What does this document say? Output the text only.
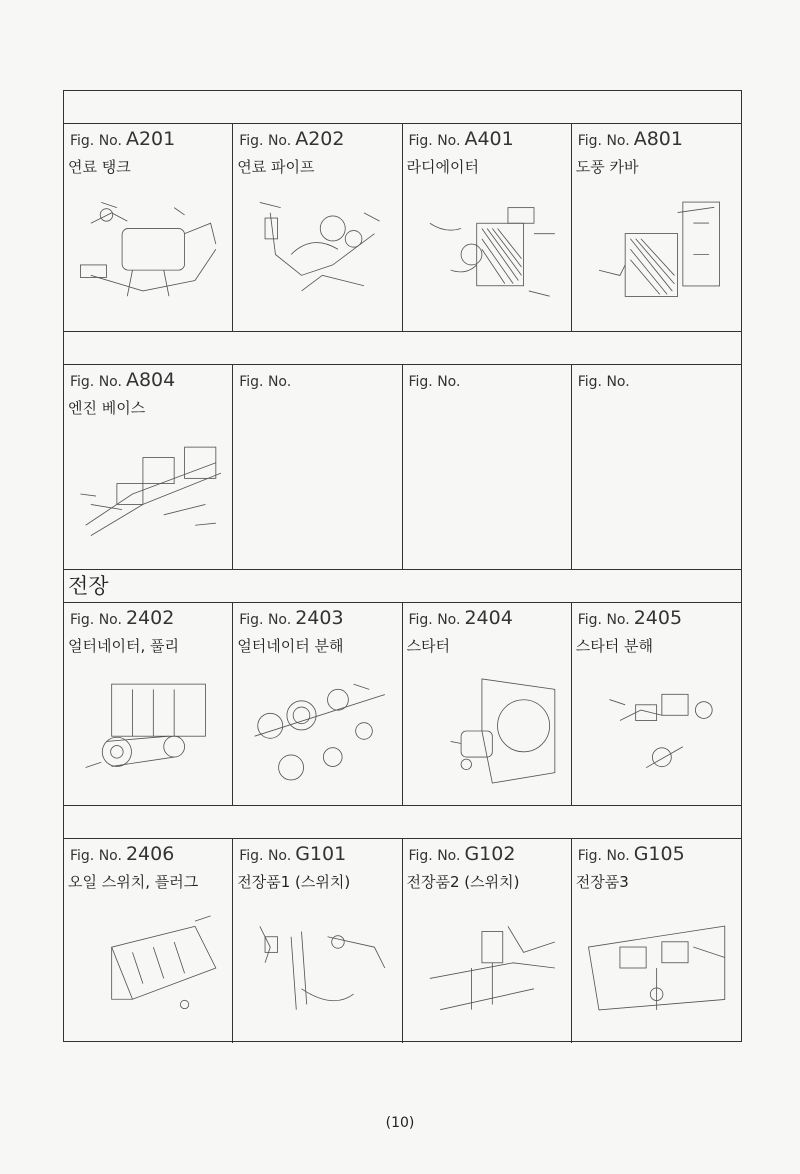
Fig. No. A201
연료 탱크
Fig. No. A202
연료 파이프
Fig. No. A401
라디에이터
Fig. No. A801
도풍 카바
Fig. No. A804
엔진 베이스
Fig. No.	Fig. No.	Fig. No.
전장
Fig. No. 2402
얼터네이터, 풀리
Fig. No. 2403
얼터네이터 분해
Fig. No. 2404
스타터
Fig. No. 2405
스타터 분해
Fig. No. 2406
오일 스위치, 플러그
Fig. No. G101
전장품1 (스위치)
Fig. No. G102
전장품2 (스위치)
Fig. No. G105
전장품3
(10)
